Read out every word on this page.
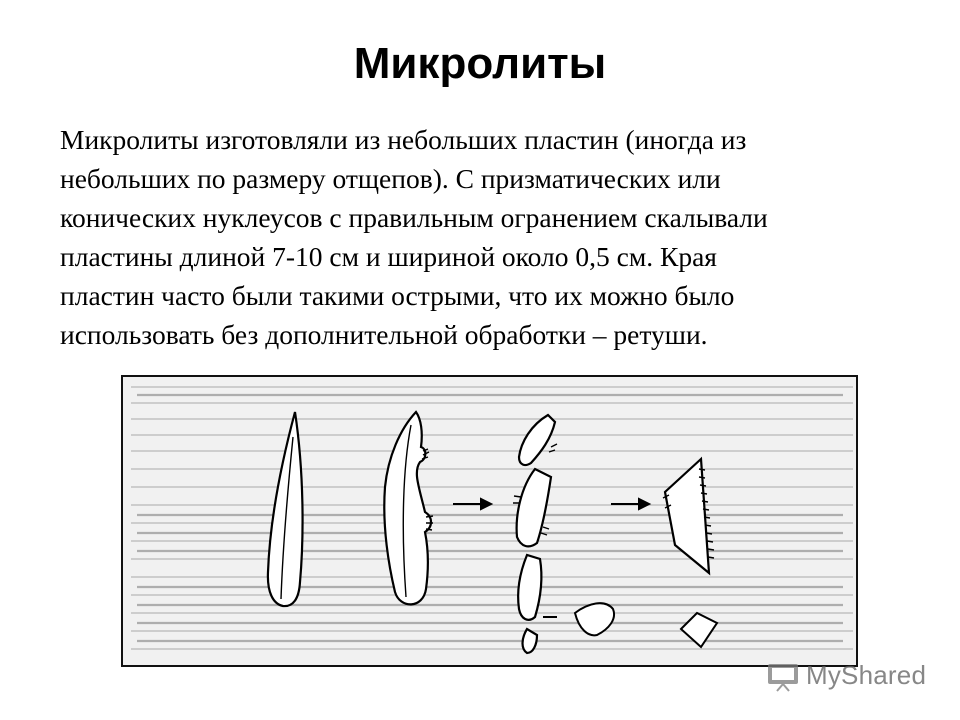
Микролиты
Микролиты изготовляли из небольших пластин (иногда из
небольших по размеру отщепов). С призматических или
конических нуклеусов с правильным огранением скалывали
пластины длиной 7-10 см и шириной около 0,5 см. Края
пластин часто были такими острыми, что их можно было
использовать без дополнительной обработки – ретуши.
MyShared
